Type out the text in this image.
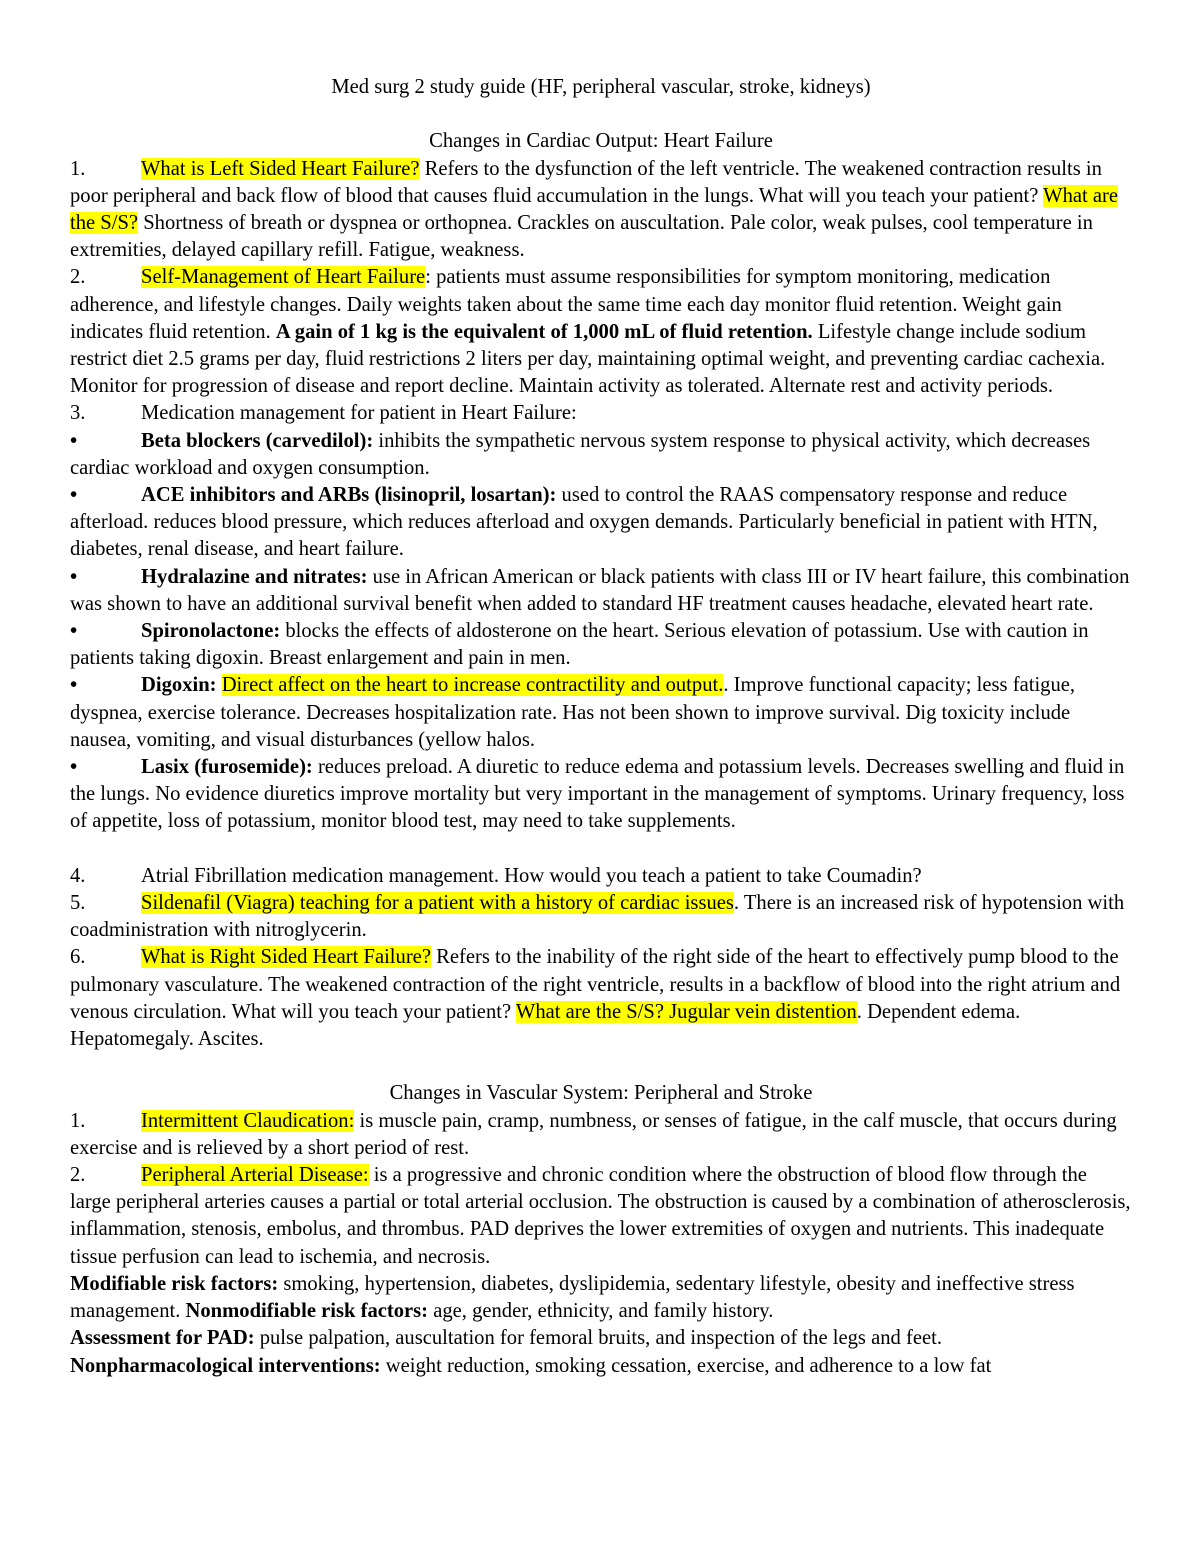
Med surg 2 study guide (HF, peripheral vascular, stroke, kidneys)

Changes in Cardiac Output: Heart Failure

1.	What is Left Sided Heart Failure? Refers to the dysfunction of the left ventricle. The weakened contraction results in poor peripheral and back flow of blood that causes fluid accumulation in the lungs. What will you teach your patient? What are the S/S? Shortness of breath or dyspnea or orthopnea. Crackles on auscultation. Pale color, weak pulses, cool temperature in extremities, delayed capillary refill. Fatigue, weakness.

2.	Self-Management of Heart Failure: patients must assume responsibilities for symptom monitoring, medication adherence, and lifestyle changes. Daily weights taken about the same time each day monitor fluid retention. Weight gain indicates fluid retention. A gain of 1 kg is the equivalent of 1,000 mL of fluid retention. Lifestyle change include sodium restrict diet 2.5 grams per day, fluid restrictions 2 liters per day, maintaining optimal weight, and preventing cardiac cachexia. Monitor for progression of disease and report decline. Maintain activity as tolerated. Alternate rest and activity periods.

3.	Medication management for patient in Heart Failure:

•	Beta blockers (carvedilol): inhibits the sympathetic nervous system response to physical activity, which decreases cardiac workload and oxygen consumption.

•	ACE inhibitors and ARBs (lisinopril, losartan): used to control the RAAS compensatory response and reduce afterload. reduces blood pressure, which reduces afterload and oxygen demands. Particularly beneficial in patient with HTN, diabetes, renal disease, and heart failure.

•	Hydralazine and nitrates: use in African American or black patients with class III or IV heart failure, this combination was shown to have an additional survival benefit when added to standard HF treatment causes headache, elevated heart rate.

•	Spironolactone: blocks the effects of aldosterone on the heart. Serious elevation of potassium. Use with caution in patients taking digoxin. Breast enlargement and pain in men.

•	Digoxin: Direct affect on the heart to increase contractility and output.. Improve functional capacity; less fatigue, dyspnea, exercise tolerance. Decreases hospitalization rate. Has not been shown to improve survival. Dig toxicity include nausea, vomiting, and visual disturbances (yellow halos.

•	Lasix (furosemide): reduces preload. A diuretic to reduce edema and potassium levels. Decreases swelling and fluid in the lungs. No evidence diuretics improve mortality but very important in the management of symptoms. Urinary frequency, loss of appetite, loss of potassium, monitor blood test, may need to take supplements.

4.	Atrial Fibrillation medication management. How would you teach a patient to take Coumadin?

5.	Sildenafil (Viagra) teaching for a patient with a history of cardiac issues. There is an increased risk of hypotension with coadministration with nitroglycerin.

6.	What is Right Sided Heart Failure? Refers to the inability of the right side of the heart to effectively pump blood to the pulmonary vasculature. The weakened contraction of the right ventricle, results in a backflow of blood into the right atrium and venous circulation. What will you teach your patient? What are the S/S? Jugular vein distention. Dependent edema. Hepatomegaly. Ascites.

Changes in Vascular System: Peripheral and Stroke

1.	Intermittent Claudication: is muscle pain, cramp, numbness, or senses of fatigue, in the calf muscle, that occurs during exercise and is relieved by a short period of rest.

2.	Peripheral Arterial Disease: is a progressive and chronic condition where the obstruction of blood flow through the large peripheral arteries causes a partial or total arterial occlusion. The obstruction is caused by a combination of atherosclerosis, inflammation, stenosis, embolus, and thrombus. PAD deprives the lower extremities of oxygen and nutrients. This inadequate tissue perfusion can lead to ischemia, and necrosis.

Modifiable risk factors: smoking, hypertension, diabetes, dyslipidemia, sedentary lifestyle, obesity and ineffective stress management. Nonmodifiable risk factors: age, gender, ethnicity, and family history.

Assessment for PAD: pulse palpation, auscultation for femoral bruits, and inspection of the legs and feet.

Nonpharmacological interventions: weight reduction, smoking cessation, exercise, and adherence to a low fat
